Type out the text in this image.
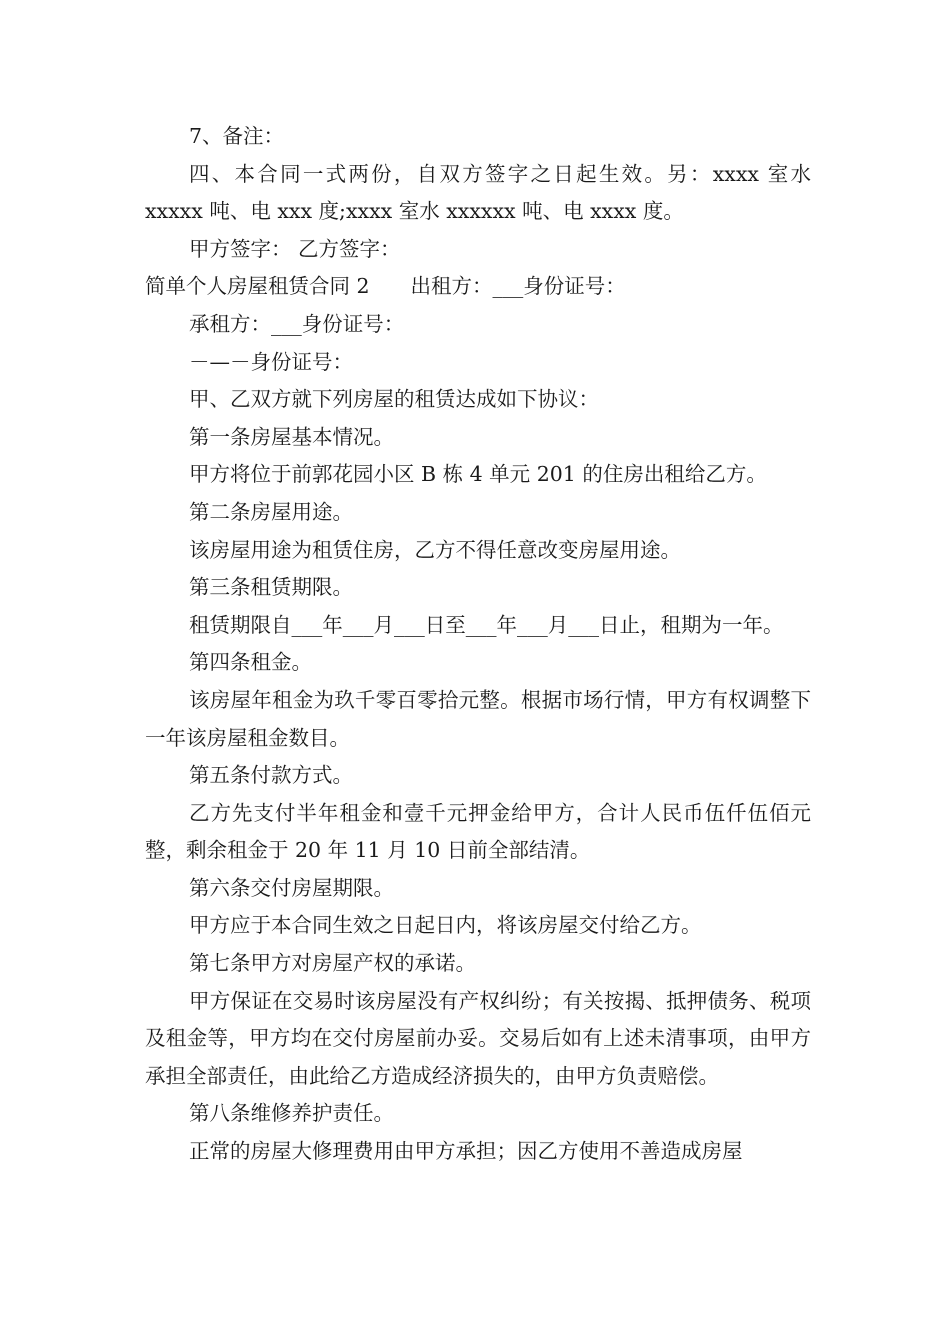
7、备注：

四、本合同一式两份，自双方签字之日起生效。另：xxxx 室水 xxxxx 吨、电 xxx 度;xxxx 室水 xxxxxx 吨、电 xxxx 度。

甲方签字： 乙方签字：

简单个人房屋租赁合同 2　　出租方：___身份证号：

承租方：___身份证号：

－—－身份证号：

甲、乙双方就下列房屋的租赁达成如下协议：

第一条房屋基本情况。

甲方将位于前郭花园小区 B 栋 4 单元 201 的住房出租给乙方。

第二条房屋用途。

该房屋用途为租赁住房，乙方不得任意改变房屋用途。

第三条租赁期限。

租赁期限自___年___月___日至___年___月___日止，租期为一年。

第四条租金。

该房屋年租金为玖千零百零拾元整。根据市场行情，甲方有权调整下一年该房屋租金数目。

第五条付款方式。

乙方先支付半年租金和壹千元押金给甲方，合计人民币伍仟伍佰元整，剩余租金于 20 年 11 月 10 日前全部结清。

第六条交付房屋期限。

甲方应于本合同生效之日起日内，将该房屋交付给乙方。

第七条甲方对房屋产权的承诺。

甲方保证在交易时该房屋没有产权纠纷；有关按揭、抵押债务、税项及租金等，甲方均在交付房屋前办妥。交易后如有上述未清事项，由甲方承担全部责任，由此给乙方造成经济损失的，由甲方负责赔偿。

第八条维修养护责任。

正常的房屋大修理费用由甲方承担；因乙方使用不善造成房屋
